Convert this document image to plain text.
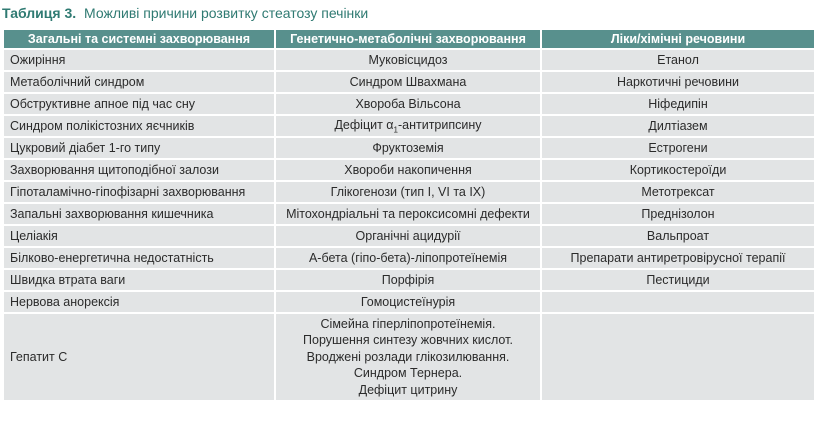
Таблиця 3. Можливі причини розвитку стеатозу печінки
Загальні та системні захворювання	Генетично-метаболічні захворювання	Ліки/хімічні речовини
Ожиріння	Муковісцидоз	Етанол
Метаболічний синдром	Синдром Швахмана	Наркотичні речовини
Обструктивне апное під час сну	Хвороба Вільсона	Ніфедипін
Синдром полікістозних яєчників	Дефіцит $\alpha_1$-антитрипсину	Дилтіазем
Цукровий діабет 1-го типу	Фруктоземія	Естрогени
Захворювання щитоподібної залози	Хвороби накопичення	Кортикостероїди
Гіпоталамічно-гіпофізарні захворювання	Глікогенози (тип I, VI та IX)	Метотрексат
Запальні захворювання кишечника	Мітохондріальні та пероксисомні дефекти	Преднізолон
Целіакія	Органічні ацидурії	Вальпроат
Білково-енергетична недостатність	А-бета (гіпо-бета)-ліпопротеїнемія	Препарати антиретровірусної терапії
Швидка втрата ваги	Порфірія	Пестициди
Нервова анорексія	Гомоцистеїнурія	
Гепатит С	Сімейна гіперліпопротеїнемія.
Порушення синтезу жовчних кислот.
Вроджені розлади глікозилювання.
Синдром Тернера.
Дефіцит цитрину	
